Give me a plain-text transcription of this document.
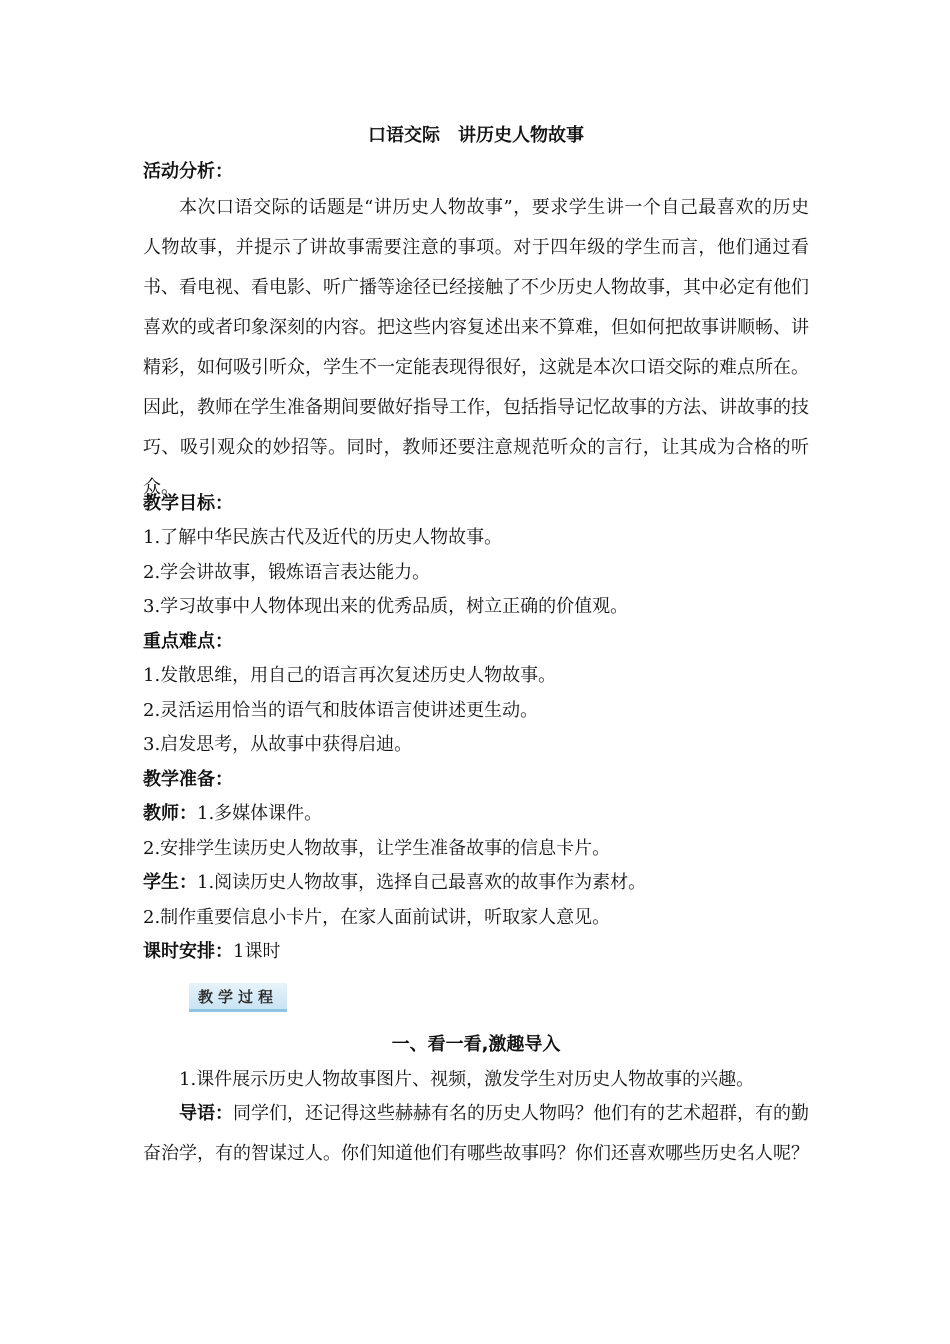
口语交际　讲历史人物故事
活动分析：
本次口语交际的话题是“讲历史人物故事”，要求学生讲一个自己最喜欢的历史人物故事，并提示了讲故事需要注意的事项。对于四年级的学生而言，他们通过看书、看电视、看电影、听广播等途径已经接触了不少历史人物故事，其中必定有他们喜欢的或者印象深刻的内容。把这些内容复述出来不算难，但如何把故事讲顺畅、讲精彩，如何吸引听众，学生不一定能表现得很好，这就是本次口语交际的难点所在。因此，教师在学生准备期间要做好指导工作，包括指导记忆故事的方法、讲故事的技巧、吸引观众的妙招等。同时，教师还要注意规范听众的言行，让其成为合格的听众。
教学目标：
1.了解中华民族古代及近代的历史人物故事。
2.学会讲故事，锻炼语言表达能力。
3.学习故事中人物体现出来的优秀品质，树立正确的价值观。
重点难点：
1.发散思维，用自己的语言再次复述历史人物故事。
2.灵活运用恰当的语气和肢体语言使讲述更生动。
3.启发思考，从故事中获得启迪。
教学准备：
教师：1.多媒体课件。
2.安排学生读历史人物故事，让学生准备故事的信息卡片。
学生：1.阅读历史人物故事，选择自己最喜欢的故事作为素材。
2.制作重要信息小卡片，在家人面前试讲，听取家人意见。
课时安排：1课时
教学过程
一、看一看,激趣导入
1.课件展示历史人物故事图片、视频，激发学生对历史人物故事的兴趣。
导语：同学们，还记得这些赫赫有名的历史人物吗？他们有的艺术超群，有的勤奋治学，有的智谋过人。你们知道他们有哪些故事吗？你们还喜欢哪些历史名人呢？
